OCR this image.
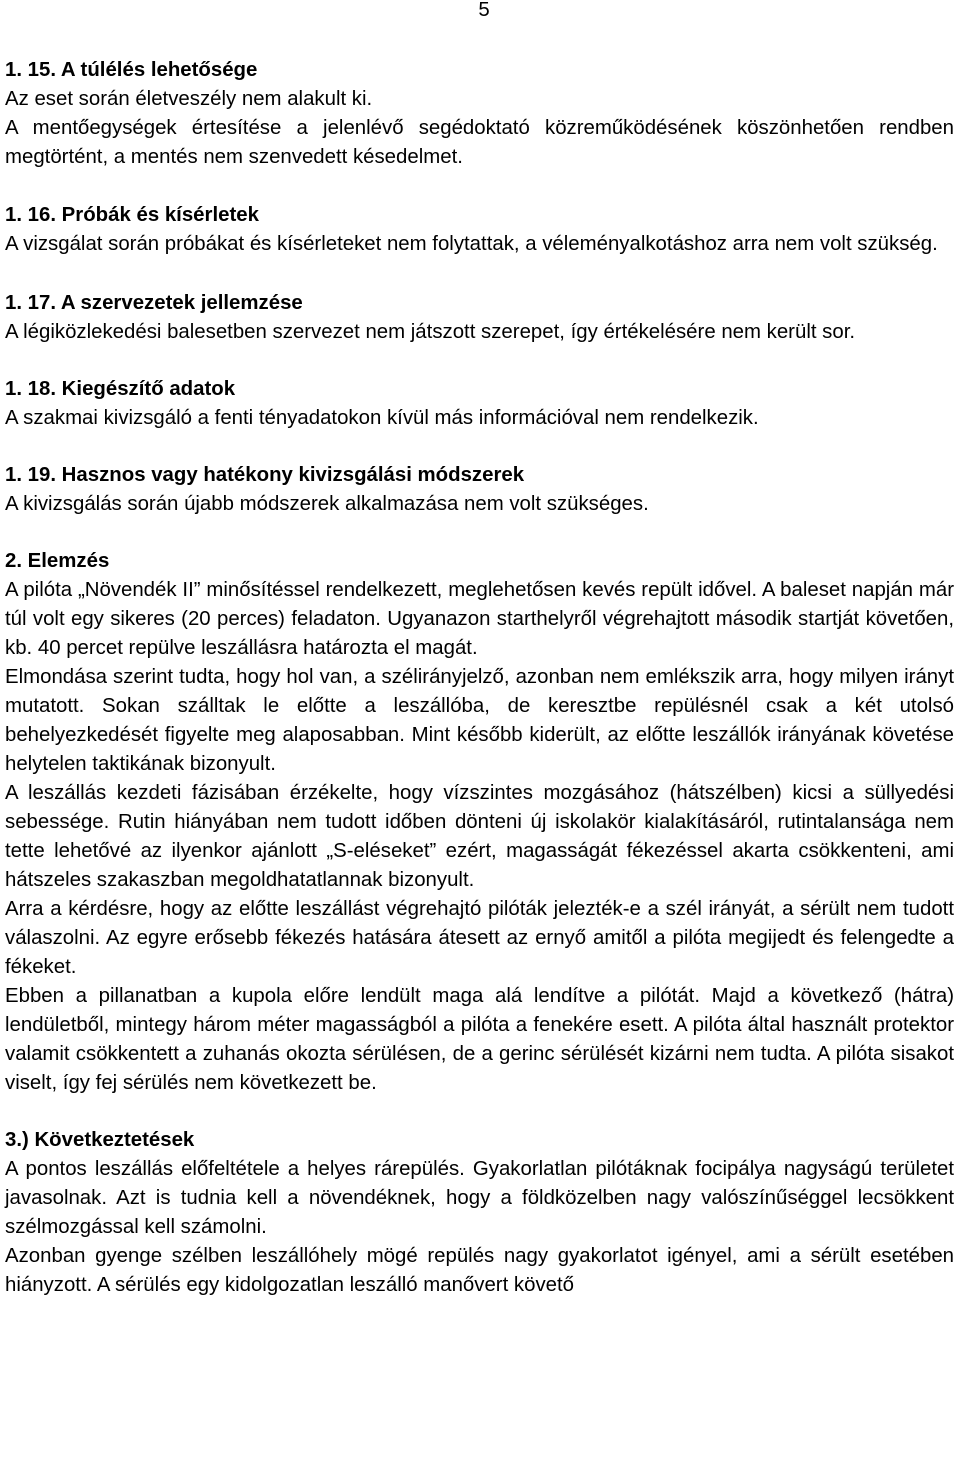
5
1. 15. A túlélés lehetősége

Az eset során életveszély nem alakult ki.

A mentőegységek értesítése a jelenlévő segédoktató közreműködésének köszönhetően rendben megtörtént, a mentés nem szenvedett késedelmet.

1. 16. Próbák és kísérletek

A vizsgálat során próbákat és kísérleteket nem folytattak, a véleményalkotáshoz arra nem volt szükség.

1. 17. A szervezetek jellemzése

A légiközlekedési balesetben szervezet nem játszott szerepet, így értékelésére nem került sor.

1. 18. Kiegészítő adatok

A szakmai kivizsgáló a fenti tényadatokon kívül más információval nem rendelkezik.

1. 19. Hasznos vagy hatékony kivizsgálási módszerek

A kivizsgálás során újabb módszerek alkalmazása nem volt szükséges.

2. Elemzés

A pilóta „Növendék II” minősítéssel rendelkezett, meglehetősen kevés repült idővel. A baleset napján már túl volt egy sikeres (20 perces) feladaton. Ugyanazon starthelyről végrehajtott második startját követően, kb. 40 percet repülve leszállásra határozta el magát.

Elmondása szerint tudta, hogy hol van, a szélirányjelző, azonban nem emlékszik arra, hogy milyen irányt mutatott. Sokan szálltak le előtte a leszállóba, de keresztbe repülésnél csak a két utolsó behelyezkedését figyelte meg alaposabban. Mint később kiderült, az előtte leszállók irányának követése helytelen taktikának bizonyult.

A leszállás kezdeti fázisában érzékelte, hogy vízszintes mozgásához (hátszélben) kicsi a süllyedési sebessége. Rutin hiányában nem tudott időben dönteni új iskolakör kialakításáról, rutintalansága nem tette lehetővé az ilyenkor ajánlott „S-eléseket” ezért, magasságát fékezéssel akarta csökkenteni, ami hátszeles szakaszban megoldhatatlannak bizonyult.

Arra a kérdésre, hogy az előtte leszállást végrehajtó pilóták jelezték-e a szél irányát, a sérült nem tudott válaszolni. Az egyre erősebb fékezés hatására átesett az ernyő amitől a pilóta megijedt és felengedte a fékeket.

Ebben a pillanatban a kupola előre lendült maga alá lendítve a pilótát. Majd a következő (hátra) lendületből, mintegy három méter magasságból a pilóta a fenekére esett. A pilóta által használt protektor valamit csökkentett a zuhanás okozta sérülésen, de a gerinc sérülését kizárni nem tudta. A pilóta sisakot viselt, így fej sérülés nem következett be.

3.) Következtetések

A pontos leszállás előfeltétele a helyes rárepülés. Gyakorlatlan pilótáknak focipálya nagyságú területet javasolnak. Azt is tudnia kell a növendéknek, hogy a földközelben nagy valószínűséggel lecsökkent szélmozgással kell számolni.

Azonban gyenge szélben leszállóhely mögé repülés nagy gyakorlatot igényel, ami a sérült esetében hiányzott. A sérülés egy kidolgozatlan leszálló manővert követő
